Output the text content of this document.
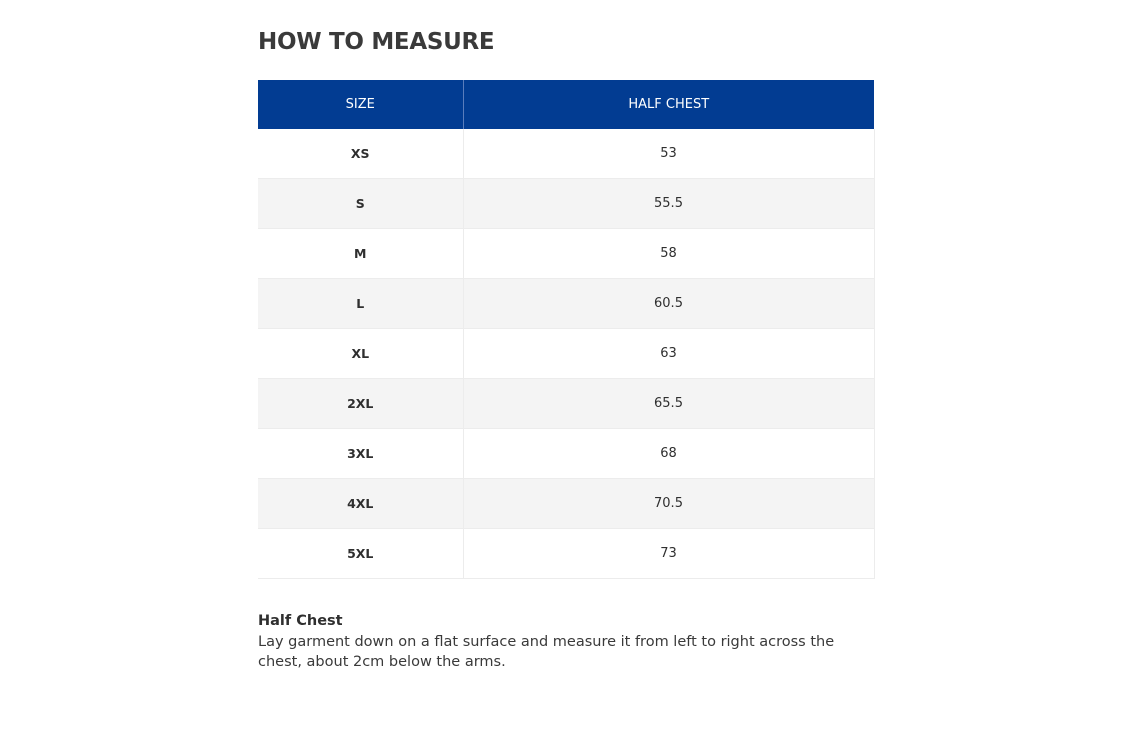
HOW TO MEASURE
SIZE	HALF CHEST
XS	53
S	55.5
M	58
L	60.5
XL	63
2XL	65.5
3XL	68
4XL	70.5
5XL	73

Half Chest

Lay garment down on a flat surface and measure it from left to right across the chest, about 2cm below the arms.
